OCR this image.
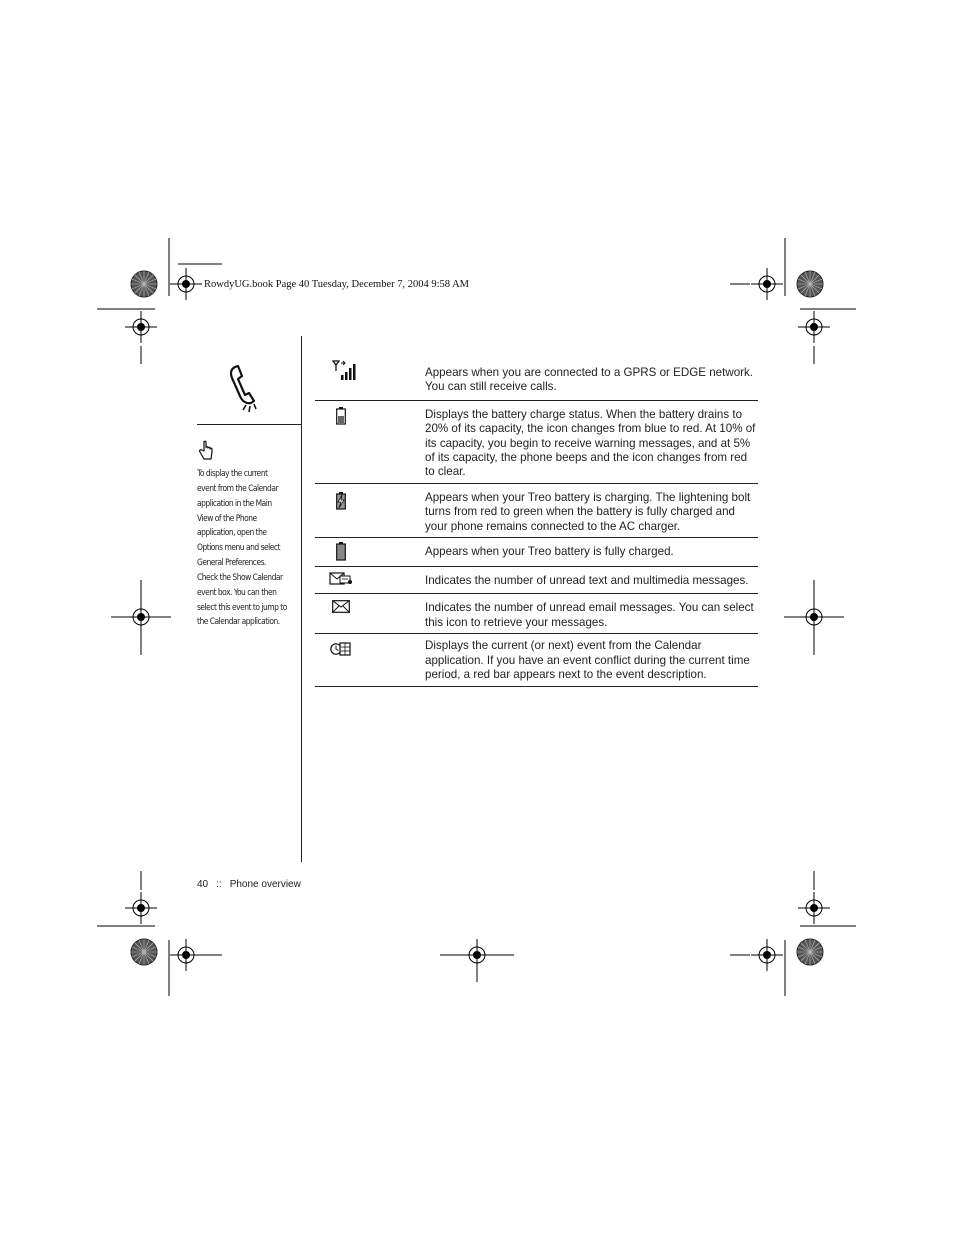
RowdyUG.book Page 40 Tuesday, December 7, 2004 9:58 AM
To display the current event from the Calendar application in the Main View of the Phone application, open the Options menu and select General Preferences. Check the Show Calendar event box. You can then select this event to jump to the Calendar application.
	Appears when you are connected to a GPRS or EDGE network. You can still receive calls.
	Displays the battery charge status. When the battery drains to 20% of its capacity, the icon changes from blue to red. At 10% of its capacity, you begin to receive warning messages, and at 5% of its capacity, the phone beeps and the icon changes from red to clear.
	Appears when your Treo battery is charging. The lightening bolt turns from red to green when the battery is fully charged and your phone remains connected to the AC charger.
	Appears when your Treo battery is fully charged.
	Indicates the number of unread text and multimedia messages.
	Indicates the number of unread email messages. You can select this icon to retrieve your messages.
	Displays the current (or next) event from the Calendar application. If you have an event conflict during the current time period, a red bar appears next to the event description.
40 :: Phone overview
